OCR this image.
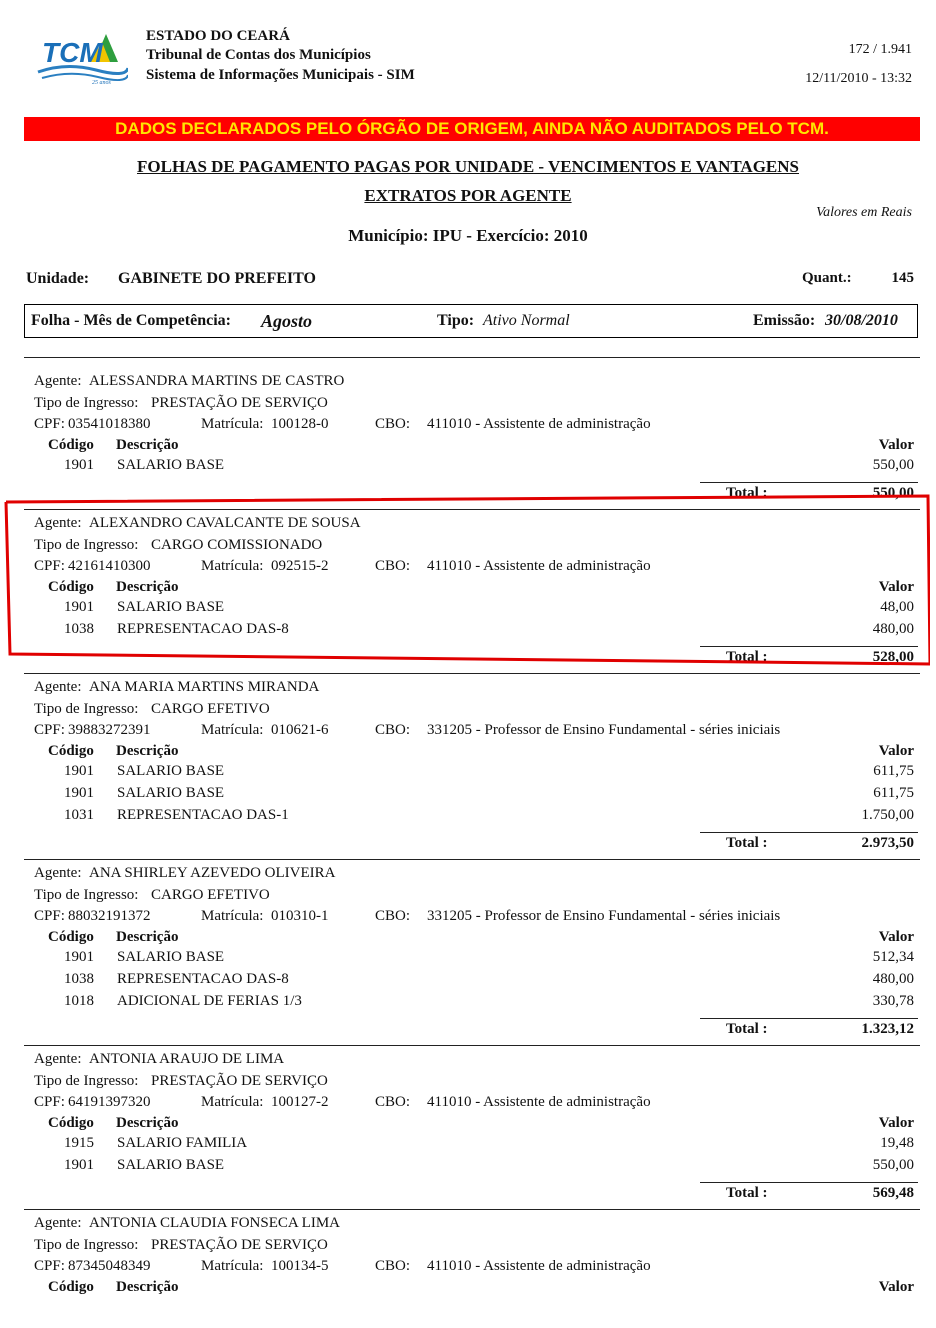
TCM
25 anos
ESTADO DO CEARÁ
Tribunal de Contas dos Municípios
Sistema de Informações Municipais - SIM
172 / 1.941
12/11/2010 - 13:32
DADOS DECLARADOS PELO ÓRGÃO DE ORIGEM, AINDA NÃO AUDITADOS PELO TCM.
FOLHAS DE PAGAMENTO PAGAS POR UNIDADE - VENCIMENTOS E VANTAGENS
EXTRATOS POR AGENTE
Valores em Reais
Município: IPU - Exercício: 2010
Unidade: GABINETE DO PREFEITO	Quant.:	145
Folha - Mês de Competência: Agosto	Tipo: Ativo Normal	Emissão: 30/08/2010
Agente: ALESSANDRA MARTINS DE CASTRO
Tipo de Ingresso: PRESTAÇÃO DE SERVIÇO
CPF: 03541018380	Matrícula: 100128-0	CBO: 411010 - Assistente de administração
Código Descrição	Valor
1901 SALARIO BASE	550,00
Total :	550,00
Agente: ALEXANDRO CAVALCANTE DE SOUSA
Tipo de Ingresso: CARGO COMISSIONADO
CPF: 42161410300	Matrícula: 092515-2	CBO: 411010 - Assistente de administração
Código Descrição	Valor
1901 SALARIO BASE	48,00
1038 REPRESENTACAO DAS-8	480,00
Total :	528,00
Agente: ANA MARIA MARTINS MIRANDA
Tipo de Ingresso: CARGO EFETIVO
CPF: 39883272391	Matrícula: 010621-6	CBO: 331205 - Professor de Ensino Fundamental - séries iniciais
Código Descrição	Valor
1901 SALARIO BASE	611,75
1901 SALARIO BASE	611,75
1031 REPRESENTACAO DAS-1	1.750,00
Total :	2.973,50
Agente: ANA SHIRLEY AZEVEDO OLIVEIRA
Tipo de Ingresso: CARGO EFETIVO
CPF: 88032191372	Matrícula: 010310-1	CBO: 331205 - Professor de Ensino Fundamental - séries iniciais
Código Descrição	Valor
1901 SALARIO BASE	512,34
1038 REPRESENTACAO DAS-8	480,00
1018 ADICIONAL DE FERIAS 1/3	330,78
Total :	1.323,12
Agente: ANTONIA ARAUJO DE LIMA
Tipo de Ingresso: PRESTAÇÃO DE SERVIÇO
CPF: 64191397320	Matrícula: 100127-2	CBO: 411010 - Assistente de administração
Código Descrição	Valor
1915 SALARIO FAMILIA	19,48
1901 SALARIO BASE	550,00
Total :	569,48
Agente: ANTONIA CLAUDIA FONSECA LIMA
Tipo de Ingresso: PRESTAÇÃO DE SERVIÇO
CPF: 87345048349	Matrícula: 100134-5	CBO: 411010 - Assistente de administração
Código Descrição	Valor
